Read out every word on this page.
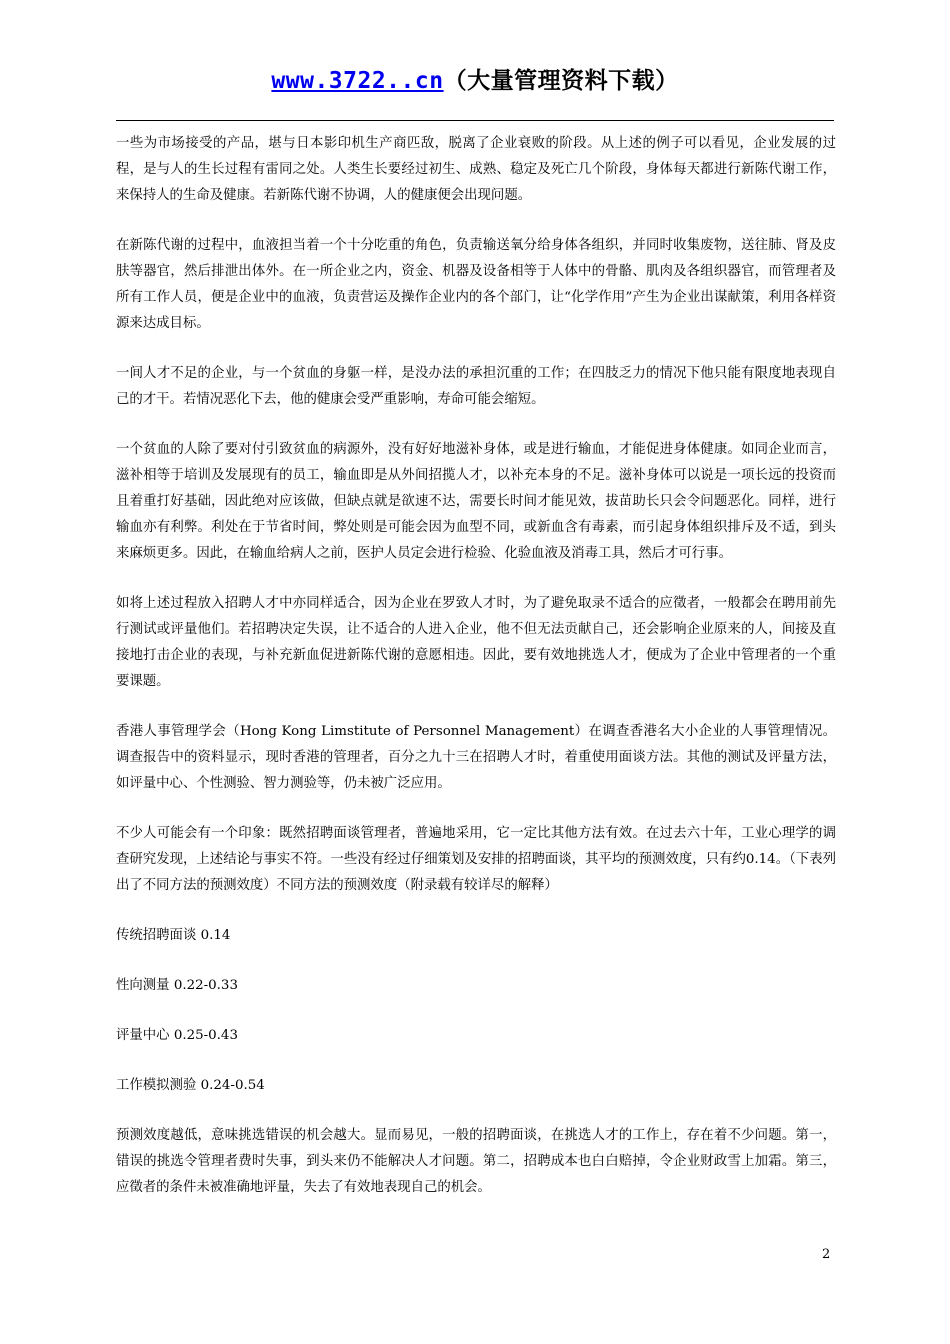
www.3722..cn（大量管理资料下载）

一些为市场接受的产品，堪与日本影印机生产商匹敌，脱离了企业衰败的阶段。从上述的例子可以看见，企业发展的过程，是与人的生长过程有雷同之处。人类生长要经过初生、成熟、稳定及死亡几个阶段，身体每天都进行新陈代谢工作，来保持人的生命及健康。若新陈代谢不协调，人的健康便会出现问题。

在新陈代谢的过程中，血液担当着一个十分吃重的角色，负责输送氧分给身体各组织，并同时收集废物，送往肺、肾及皮肤等器官，然后排泄出体外。在一所企业之内，资金、机器及设备相等于人体中的骨骼、肌肉及各组织器官，而管理者及所有工作人员，便是企业中的血液，负责营运及操作企业内的各个部门，让“化学作用”产生为企业出谋献策，利用各样资源来达成目标。

一间人才不足的企业，与一个贫血的身躯一样，是没办法的承担沉重的工作；在四肢乏力的情况下他只能有限度地表现自己的才干。若情况恶化下去，他的健康会受严重影响，寿命可能会缩短。

一个贫血的人除了要对付引致贫血的病源外，没有好好地滋补身体，或是进行输血，才能促进身体健康。如同企业而言，滋补相等于培训及发展现有的员工，输血即是从外间招揽人才，以补充本身的不足。滋补身体可以说是一项长远的投资而且着重打好基础，因此绝对应该做，但缺点就是欲速不达，需要长时间才能见效，拔苗助长只会令问题恶化。同样，进行输血亦有利弊。利处在于节省时间，弊处则是可能会因为血型不同，或新血含有毒素，而引起身体组织排斥及不适，到头来麻烦更多。因此，在输血给病人之前，医护人员定会进行检验、化验血液及消毒工具，然后才可行事。

如将上述过程放入招聘人才中亦同样适合，因为企业在罗致人才时，为了避免取录不适合的应徵者，一般都会在聘用前先行测试或评量他们。若招聘决定失误，让不适合的人进入企业，他不但无法贡献自己，还会影响企业原来的人，间接及直接地打击企业的表现，与补充新血促进新陈代谢的意愿相违。因此，要有效地挑选人才，便成为了企业中管理者的一个重要课题。

香港人事管理学会（Hong Kong Limstitute of Personnel Management）在调查香港名大小企业的人事管理情况。调查报告中的资料显示，现时香港的管理者，百分之九十三在招聘人才时，着重使用面谈方法。其他的测试及评量方法，如评量中心、个性测验、智力测验等，仍未被广泛应用。

不少人可能会有一个印象：既然招聘面谈管理者，普遍地采用，它一定比其他方法有效。在过去六十年，工业心理学的调查研究发现，上述结论与事实不符。一些没有经过仔细策划及安排的招聘面谈，其平均的预测效度，只有约0.14。（下表列出了不同方法的预测效度）不同方法的预测效度（附录载有较详尽的解释）

传统招聘面谈 0.14

性向测量 0.22-0.33

评量中心 0.25-0.43

工作模拟测验 0.24-0.54

预测效度越低，意味挑选错误的机会越大。显而易见，一般的招聘面谈，在挑选人才的工作上，存在着不少问题。第一，错误的挑选令管理者费时失事，到头来仍不能解决人才问题。第二，招聘成本也白白赔掉，令企业财政雪上加霜。第三，应徵者的条件未被准确地评量，失去了有效地表现自己的机会。

2
